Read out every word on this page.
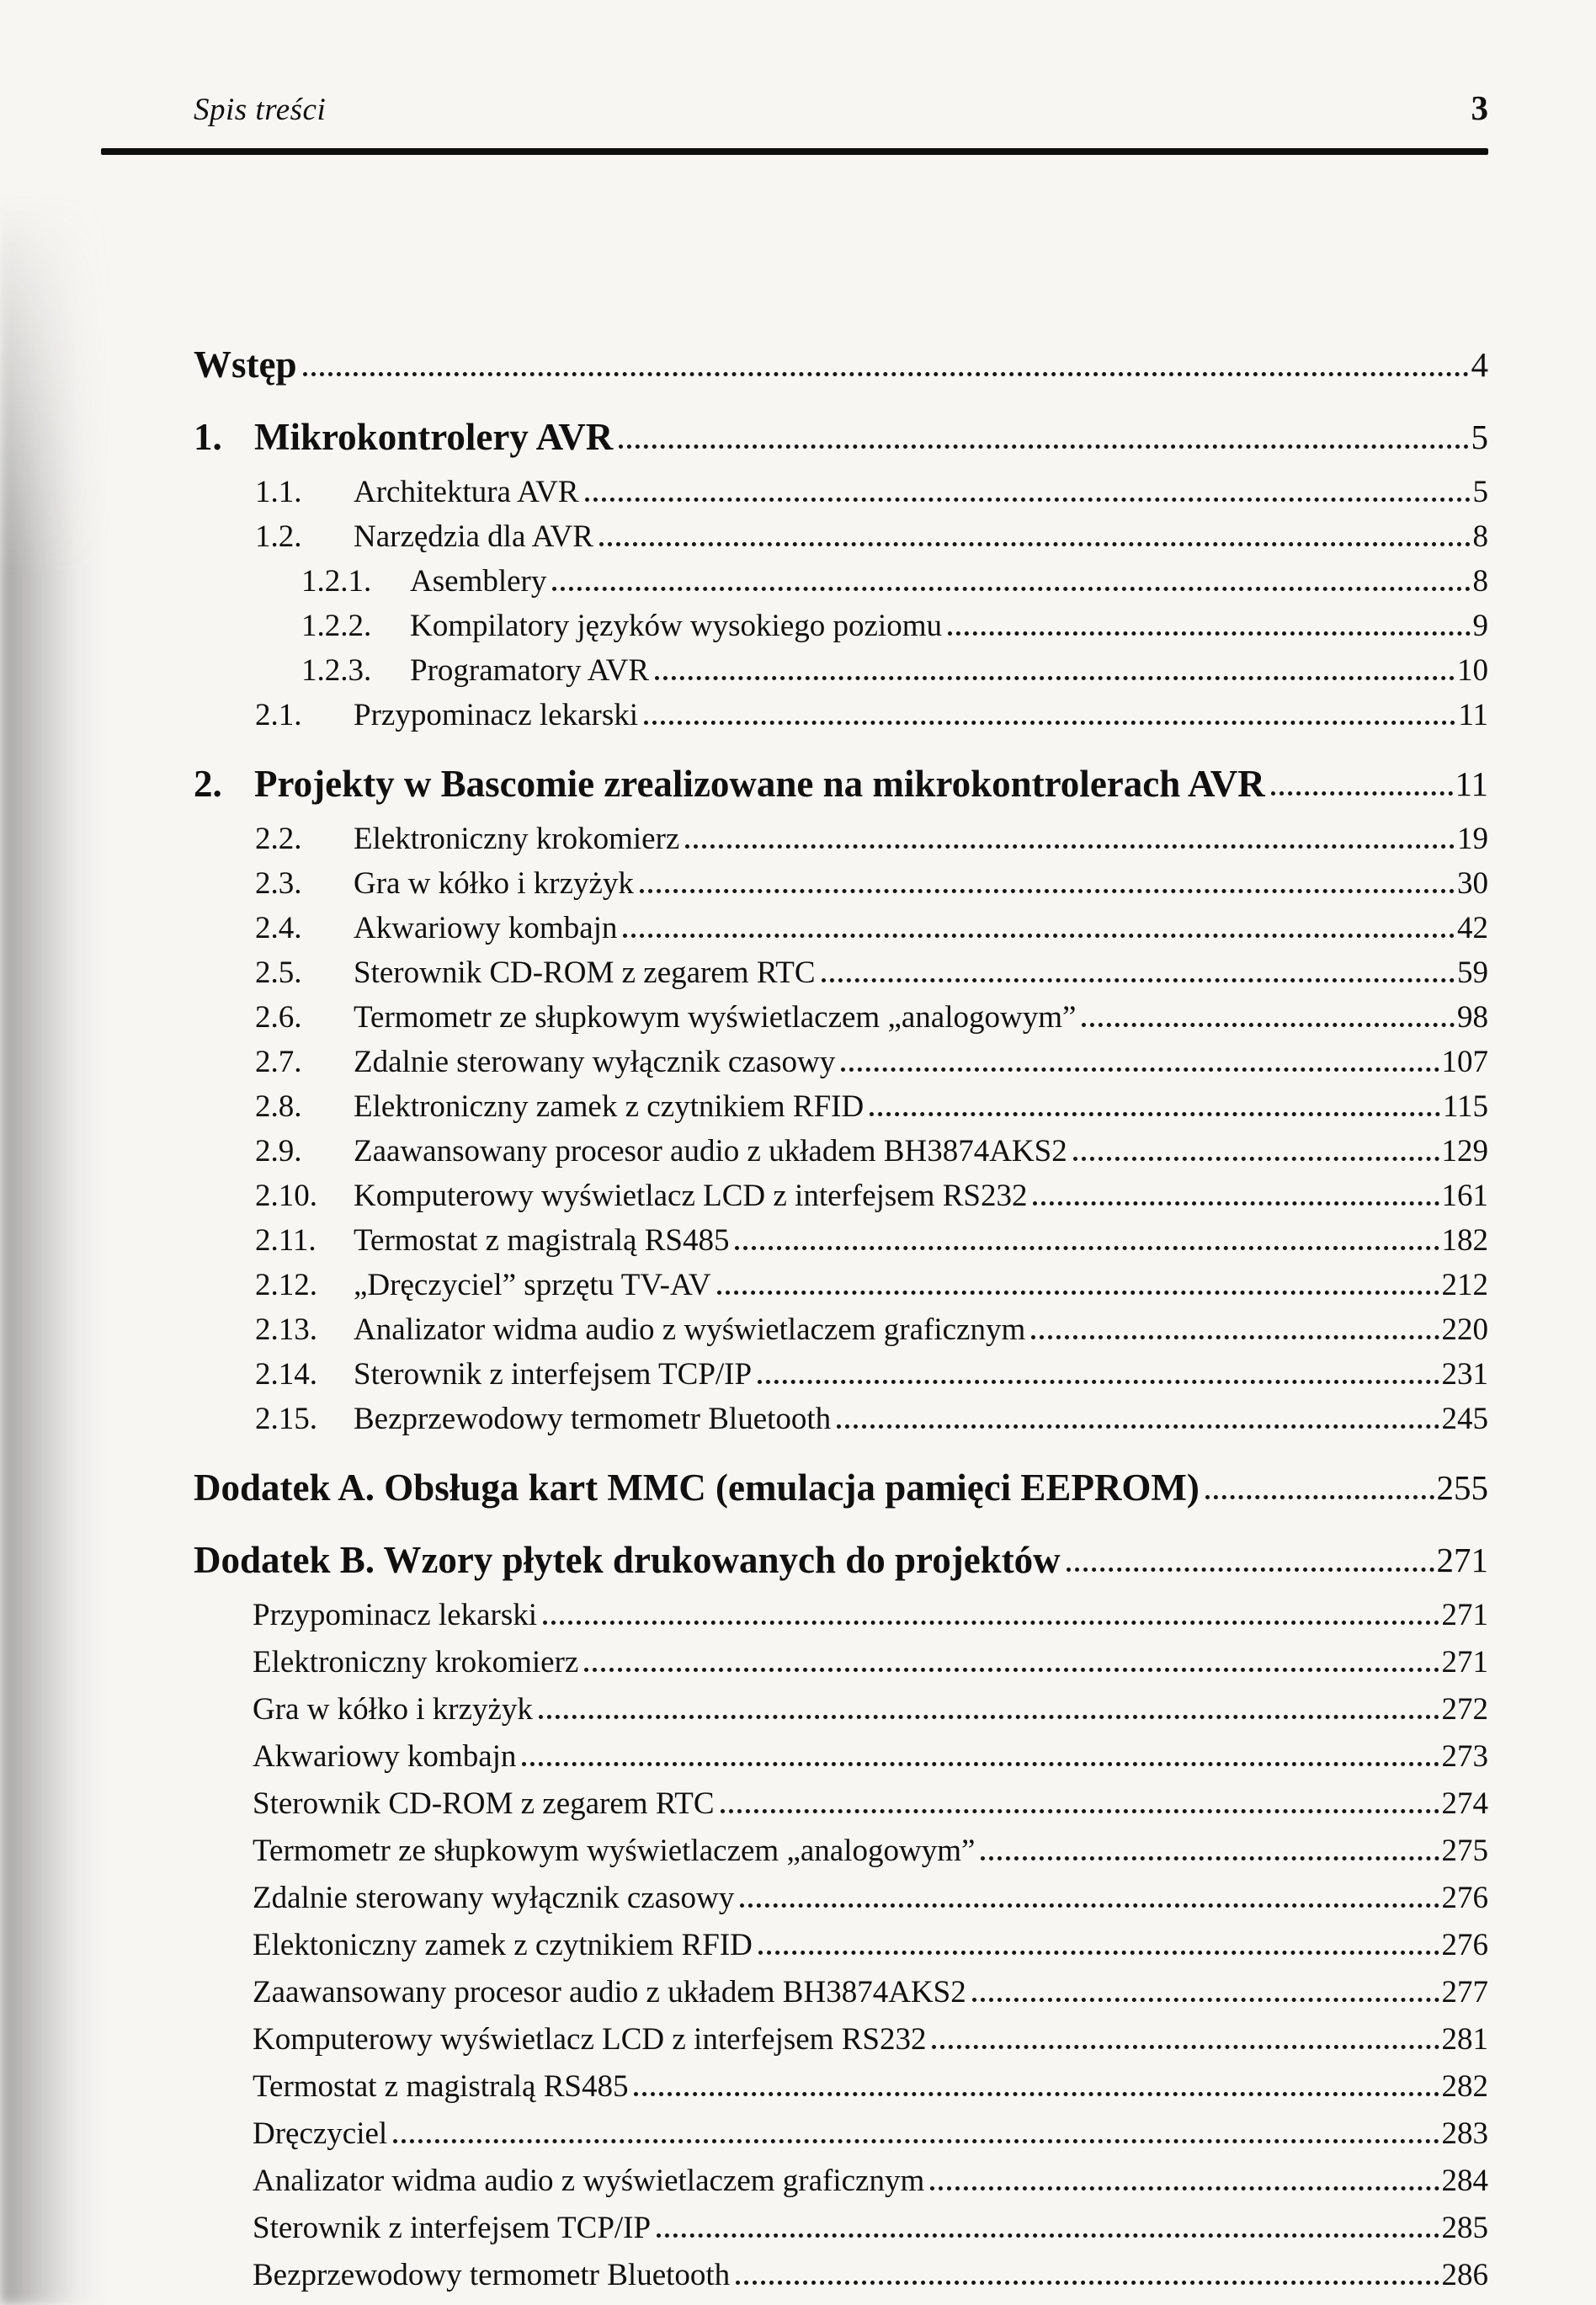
Spis treści	3
Wstęp	4
1. Mikrokontrolery AVR	5
1.1.	Architektura AVR	5
1.2.	Narzędzia dla AVR	8
1.2.1.	Asemblery	8
1.2.2.	Kompilatory języków wysokiego poziomu	9
1.2.3.	Programatory AVR	10
2.1.	Przypominacz lekarski	11
2. Projekty w Bascomie zrealizowane na mikrokontrolerach AVR	11
2.2.	Elektroniczny krokomierz	19
2.3.	Gra w kółko i krzyżyk	30
2.4.	Akwariowy kombajn	42
2.5.	Sterownik CD-ROM z zegarem RTC	59
2.6.	Termometr ze słupkowym wyświetlaczem „analogowym”	98
2.7.	Zdalnie sterowany wyłącznik czasowy	107
2.8.	Elektroniczny zamek z czytnikiem RFID	115
2.9.	Zaawansowany procesor audio z układem BH3874AKS2	129
2.10.	Komputerowy wyświetlacz LCD z interfejsem RS232	161
2.11.	Termostat z magistralą RS485	182
2.12.	„Dręczyciel” sprzętu TV-AV	212
2.13.	Analizator widma audio z wyświetlaczem graficznym	220
2.14.	Sterownik z interfejsem TCP/IP	231
2.15.	Bezprzewodowy termometr Bluetooth	245
Dodatek A. Obsługa kart MMC (emulacja pamięci EEPROM)	255
Dodatek B. Wzory płytek drukowanych do projektów	271
Przypominacz lekarski	271
Elektroniczny krokomierz	271
Gra w kółko i krzyżyk	272
Akwariowy kombajn	273
Sterownik CD-ROM z zegarem RTC	274
Termometr ze słupkowym wyświetlaczem „analogowym”	275
Zdalnie sterowany wyłącznik czasowy	276
Elektoniczny zamek z czytnikiem RFID	276
Zaawansowany procesor audio z układem BH3874AKS2	277
Komputerowy wyświetlacz LCD z interfejsem RS232	281
Termostat z magistralą RS485	282
Dręczyciel	283
Analizator widma audio z wyświetlaczem graficznym	284
Sterownik z interfejsem TCP/IP	285
Bezprzewodowy termometr Bluetooth	286
